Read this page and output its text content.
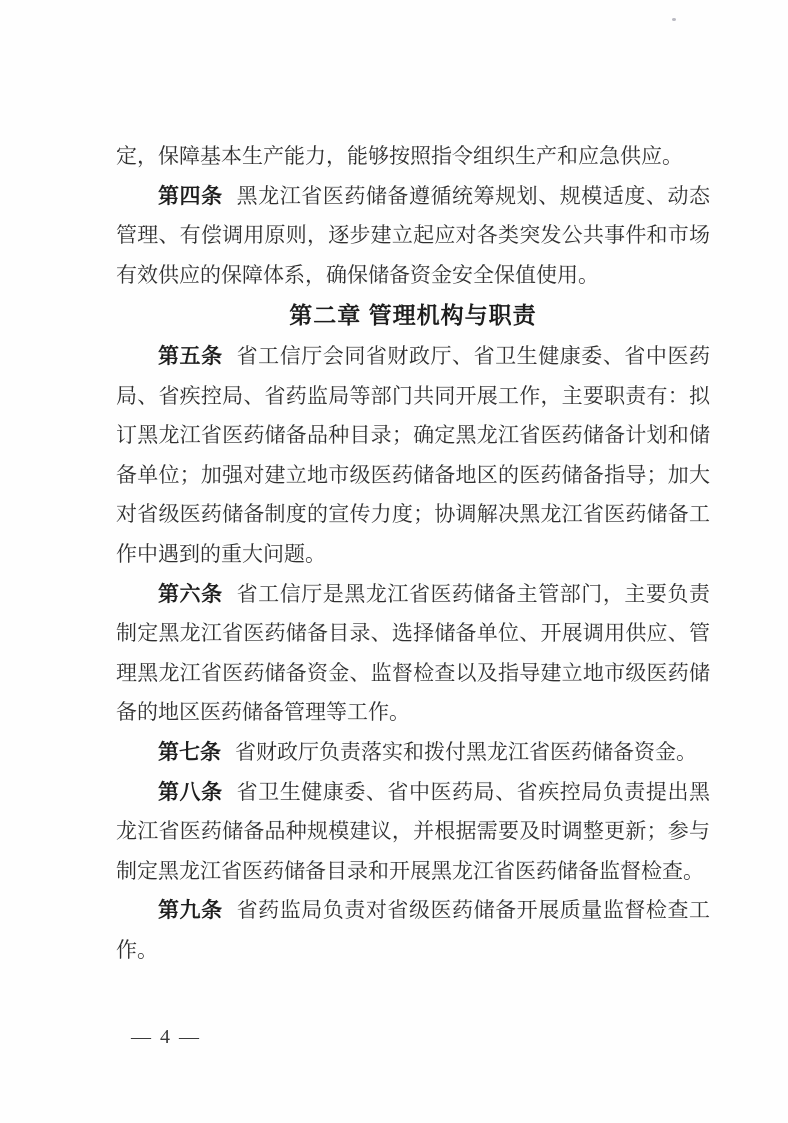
定，保障基本生产能力，能够按照指令组织生产和应急供应。

第四条 黑龙江省医药储备遵循统筹规划、规模适度、动态管理、有偿调用原则，逐步建立起应对各类突发公共事件和市场有效供应的保障体系，确保储备资金安全保值使用。

第二章 管理机构与职责

第五条 省工信厅会同省财政厅、省卫生健康委、省中医药局、省疾控局、省药监局等部门共同开展工作，主要职责有：拟订黑龙江省医药储备品种目录；确定黑龙江省医药储备计划和储备单位；加强对建立地市级医药储备地区的医药储备指导；加大对省级医药储备制度的宣传力度；协调解决黑龙江省医药储备工作中遇到的重大问题。

第六条 省工信厅是黑龙江省医药储备主管部门，主要负责制定黑龙江省医药储备目录、选择储备单位、开展调用供应、管理黑龙江省医药储备资金、监督检查以及指导建立地市级医药储备的地区医药储备管理等工作。

第七条 省财政厅负责落实和拨付黑龙江省医药储备资金。

第八条 省卫生健康委、省中医药局、省疾控局负责提出黑龙江省医药储备品种规模建议，并根据需要及时调整更新；参与制定黑龙江省医药储备目录和开展黑龙江省医药储备监督检查。

第九条 省药监局负责对省级医药储备开展质量监督检查工作。

— 4 —
